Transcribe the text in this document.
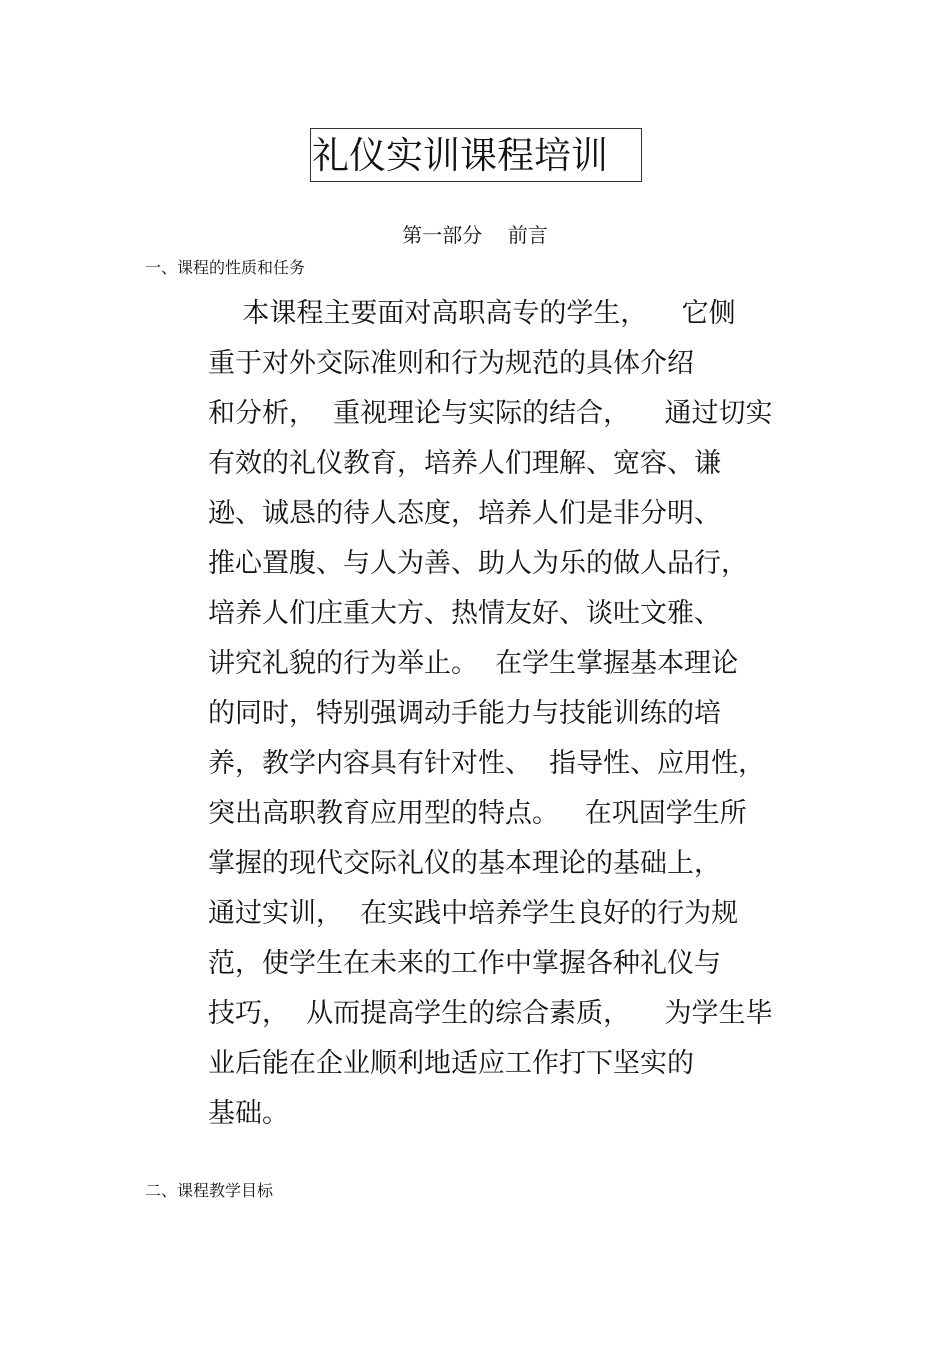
礼仪实训课程培训
第一部分    前言
一、课程的性质和任务
本课程主要面对高职高专的学生，    它侧
重于对外交际准则和行为规范的具体介绍
和分析，  重视理论与实际的结合，    通过切实
有效的礼仪教育，培养人们理解、宽容、谦
逊、诚恳的待人态度，培养人们是非分明、
推心置腹、与人为善、助人为乐的做人品行，
培养人们庄重大方、热情友好、谈吐文雅、
讲究礼貌的行为举止。  在学生掌握基本理论
的同时，特别强调动手能力与技能训练的培
养，教学内容具有针对性、  指导性、应用性，
突出高职教育应用型的特点。   在巩固学生所
掌握的现代交际礼仪的基本理论的基础上，
通过实训，  在实践中培养学生良好的行为规
范，使学生在未来的工作中掌握各种礼仪与
技巧，  从而提高学生的综合素质，    为学生毕
业后能在企业顺利地适应工作打下坚实的
基础。
二、课程教学目标
